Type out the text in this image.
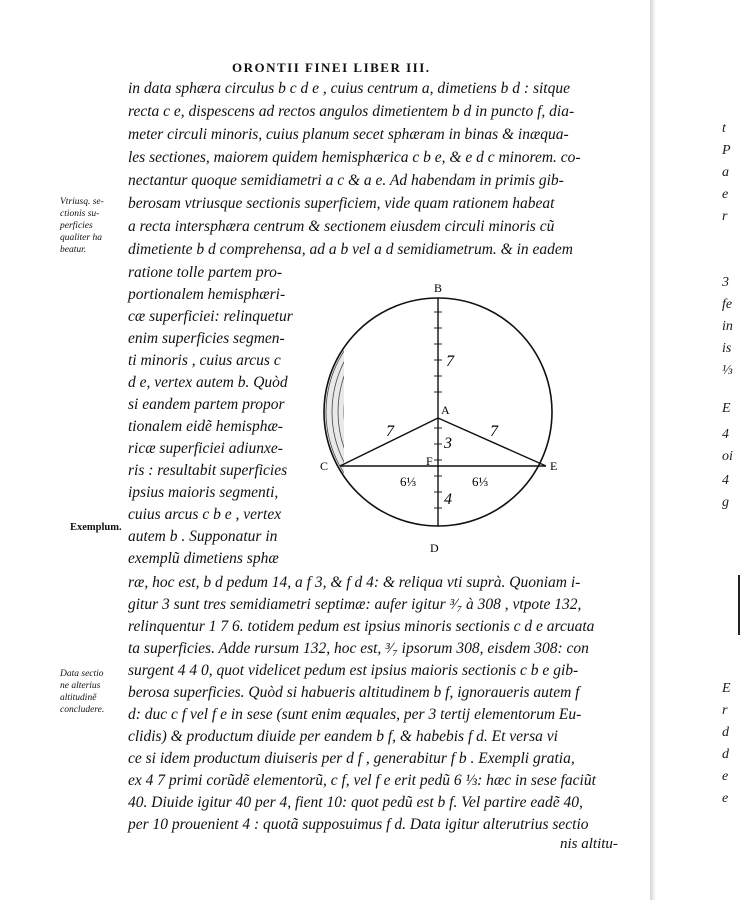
ORONTII FINEI LIBER III.
in data sphæra circulus b c d e , cuius centrum a, dimetiens b d : sitque
recta c e, dispescens ad rectos angulos dimetientem b d in puncto f, dia-
meter circuli minoris, cuius planum secet sphæram in binas & inæqua-
les sectiones, maiorem quidem hemisphærica c b e, & e d c minorem. co-
nectantur quoque semidiametri a c & a e. Ad habendam in primis gib-
berosam vtriusque sectionis superficiem, vide quam rationem habeat
a recta intersphæra centrum & sectionem eiusdem circuli minoris cũ
dimetiente b d comprehensa, ad a b vel a d semidiametrum. & in eadem
ratione tolle partem pro-
portionalem hemisphæri-
cæ superficiei: relinquetur
enim superficies segmen-
ti minoris , cuius arcus c
d e, vertex autem b. Quòd
si eandem partem propor
tionalem eidẽ hemisphæ-
ricæ superficiei adiunxe-
ris : resultabit superficies
ipsius maioris segmenti,
cuius arcus c b e , vertex
autem b . Supponatur in
exemplũ dimetiens sphæ
ræ, hoc est, b d pedum 14, a f 3, & f d 4: & reliqua vti suprà. Quoniam i-
gitur 3 sunt tres semidiametri septimæ: aufer igitur ³⁄₇ à 308 , vtpote 132,
relinquentur 1 7 6. totidem pedum est ipsius minoris sectionis c d e arcuata
ta superficies. Adde rursum 132, hoc est, ³⁄₇ ipsorum 308, eisdem 308: con
surgent 4 4 0, quot videlicet pedum est ipsius maioris sectionis c b e gib-
berosa superficies. Quòd si habueris altitudinem b f, ignoraueris autem f
d: duc c f vel f e in sese (sunt enim æquales, per 3 tertij elementorum Eu-
clidis) & productum diuide per eandem b f, & habebis f d. Et versa vi
ce si idem productum diuiseris per d f , generabitur f b . Exempli gratia,
ex 4 7 primi corũdẽ elementorũ, c f, vel f e erit pedũ 6 ⅓: hæc in sese faciũt
40. Diuide igitur 40 per 4, fient 10: quot pedũ est b f. Vel partire eadẽ 40,
per 10 prouenient 4 : quotã supposuimus f d. Data igitur alterutrius sectio
nis altitu-
Vtriusq. se-
ctionis su-
perficies
qualiter ha
beatur.
Exemplum.
Data sectio
ne alterius
altitudinẽ
concludere.
B
A
C	E
F
D
7
3
4
7	7
6⅓	6⅓
t
P
a
e
r
3
fe
in
is
⅓
E
4
oi
4
g
E
r
d
d
e
e
